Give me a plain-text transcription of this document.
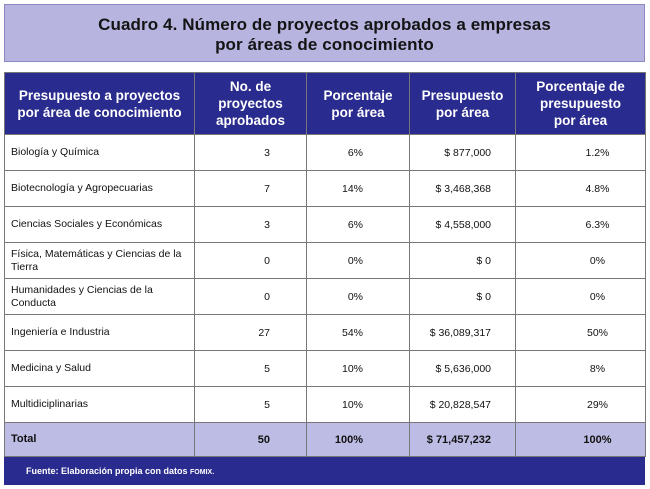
Cuadro 4. Número de proyectos aprobados a empresas
por áreas de conocimiento
Presupuesto a proyectos
por área de conocimiento	No. de
proyectos
aprobados	Porcentaje
por área	Presupuesto
por área	Porcentaje de
presupuesto
por área
Biología y Química	3	6%	$ 877,000	1.2%
Biotecnología y Agropecuarias	7	14%	$ 3,468,368	4.8%
Ciencias Sociales y Económicas	3	6%	$ 4,558,000	6.3%
Física, Matemáticas y Ciencias de la Tierra	0	0%	$ 0	0%
Humanidades y Ciencias de la Conducta	0	0%	$ 0	0%
Ingeniería e Industria	27	54%	$ 36,089,317	50%
Medicina y Salud	5	10%	$ 5,636,000	8%
Multidiciplinarias	5	10%	$ 20,828,547	29%
Total	50	100%	$ 71,457,232	100%
Fuente: Elaboración propia con datos FOMIX.
